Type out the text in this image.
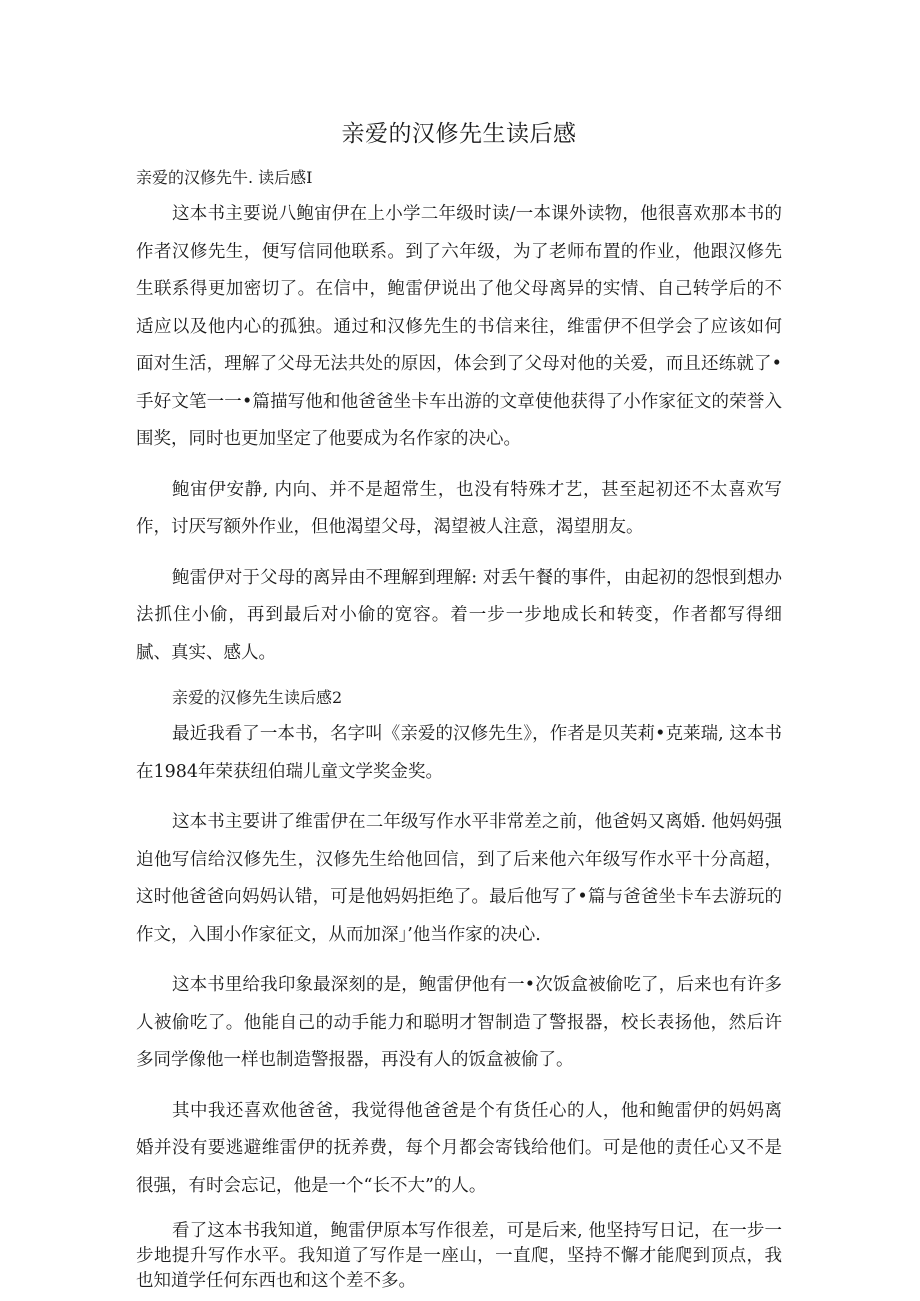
亲爱的汉修先生读后感

亲爱的汉修先牛. 读后感I

这本书主要说八鲍宙伊在上小学二年级时读/一本课外读物，他很喜欢那本书的作者汉修先生，便写信同他联系。到了六年级，为了老师布置的作业，他跟汉修先生联系得更加密切了。在信中，鲍雷伊说出了他父母离异的实情、自己转学后的不适应以及他内心的孤独。通过和汉修先生的书信来往，维雷伊不但学会了应该如何面对生活，理解了父母无法共处的原因，体会到了父母对他的关爱，而且还练就了•手好文笔一一•篇描写他和他爸爸坐卡车出游的文章使他获得了小作家征文的荣誉入围奖，同时也更加坚定了他要成为名作家的决心。

鲍宙伊安静, 内向、并不是超常生，也没有特殊才艺，甚至起初还不太喜欢写作，讨厌写额外作业，但他渴望父母，渴望被人注意，渴望朋友。

鲍雷伊对于父母的离异由不理解到理解: 对丢午餐的事件，由起初的怨恨到想办法抓住小偷，再到最后对小偷的宽容。着一步一步地成长和转变，作者都写得细腻、真实、感人。

亲爱的汉修先生读后感2

最近我看了一本书，名字叫《亲爱的汉修先生》，作者是贝芙莉•克莱瑞, 这本书在1984年荣获纽伯瑞儿童文学奖金奖。

这本书主要讲了维雷伊在二年级写作水平非常差之前，他爸妈又离婚. 他妈妈强迫他写信给汉修先生，汉修先生给他回信，到了后来他六年级写作水平十分高超，这时他爸爸向妈妈认错，可是他妈妈拒绝了。最后他写了•篇与爸爸坐卡车去游玩的作文，入围小作家征文，从而加深」’他当作家的决心.

这本书里给我印象最深刻的是，鲍雷伊他有一•次饭盒被偷吃了，后来也有许多人被偷吃了。他能自己的动手能力和聪明才智制造了警报器，校长表扬他，然后许多同学像他一样也制造警报器，再没有人的饭盒被偷了。

其中我还喜欢他爸爸，我觉得他爸爸是个有货任心的人，他和鲍雷伊的妈妈离婚并没有要逃避维雷伊的抚养费，每个月都会寄钱给他们。可是他的责任心又不是很强，有时会忘记，他是一个“长不大”的人。

看了这本书我知道，鲍雷伊原本写作很差，可是后来, 他坚持写日记，在一步一步地提升写作水平。我知道了写作是一座山，一直爬，坚持不懈才能爬到顶点，我也知道学任何东西也和这个差不多。
